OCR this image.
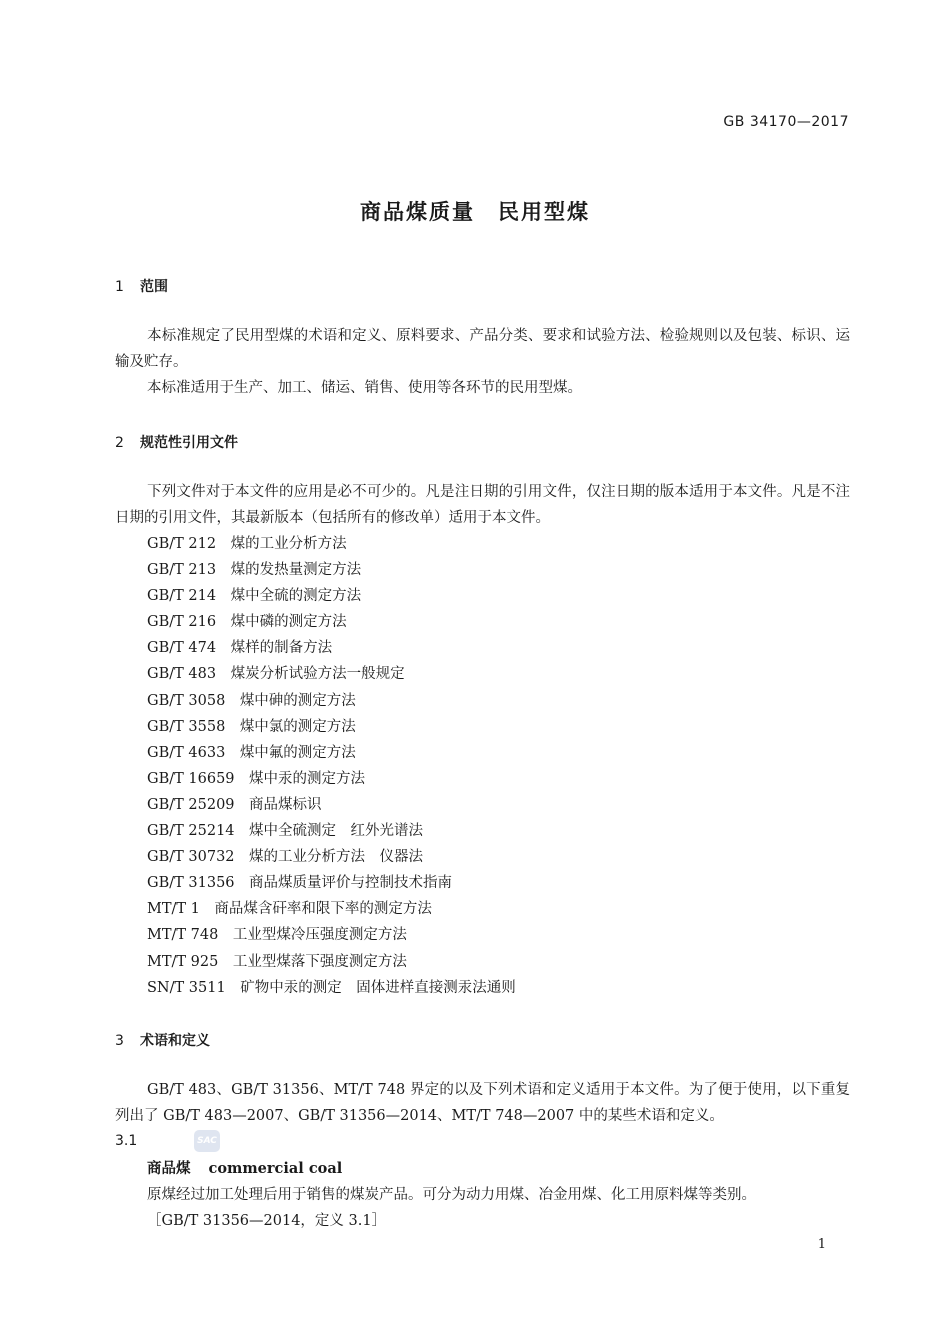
GB 34170—2017
商品煤质量　民用型煤
1 范围
本标准规定了民用型煤的术语和定义、原料要求、产品分类、要求和试验方法、检验规则以及包装、标识、运输及贮存。
本标准适用于生产、加工、储运、销售、使用等各环节的民用型煤。
2 规范性引用文件
下列文件对于本文件的应用是必不可少的。凡是注日期的引用文件，仅注日期的版本适用于本文件。凡是不注日期的引用文件，其最新版本（包括所有的修改单）适用于本文件。
GB/T 212　 煤的工业分析方法
GB/T 213　 煤的发热量测定方法
GB/T 214　 煤中全硫的测定方法
GB/T 216　 煤中磷的测定方法
GB/T 474　 煤样的制备方法
GB/T 483　 煤炭分析试验方法一般规定
GB/T 3058　 煤中砷的测定方法
GB/T 3558　 煤中氯的测定方法
GB/T 4633　 煤中氟的测定方法
GB/T 16659　 煤中汞的测定方法
GB/T 25209　 商品煤标识
GB/T 25214　 煤中全硫测定　红外光谱法
GB/T 30732　 煤的工业分析方法　仪器法
GB/T 31356　 商品煤质量评价与控制技术指南
MT/T 1　 商品煤含矸率和限下率的测定方法
MT/T 748　 工业型煤冷压强度测定方法
MT/T 925　 工业型煤落下强度测定方法
SN/T 3511　 矿物中汞的测定　固体进样直接测汞法通则
3 术语和定义
GB/T 483、GB/T 31356、MT/T 748 界定的以及下列术语和定义适用于本文件。为了便于使用，以下重复列出了 GB/T 483—2007、GB/T 31356—2014、MT/T 748—2007 中的某些术语和定义。
3.1	SAC
商品煤 commercial coal
原煤经过加工处理后用于销售的煤炭产品。可分为动力用煤、冶金用煤、化工用原料煤等类别。
［GB/T 31356—2014，定义 3.1］
1
